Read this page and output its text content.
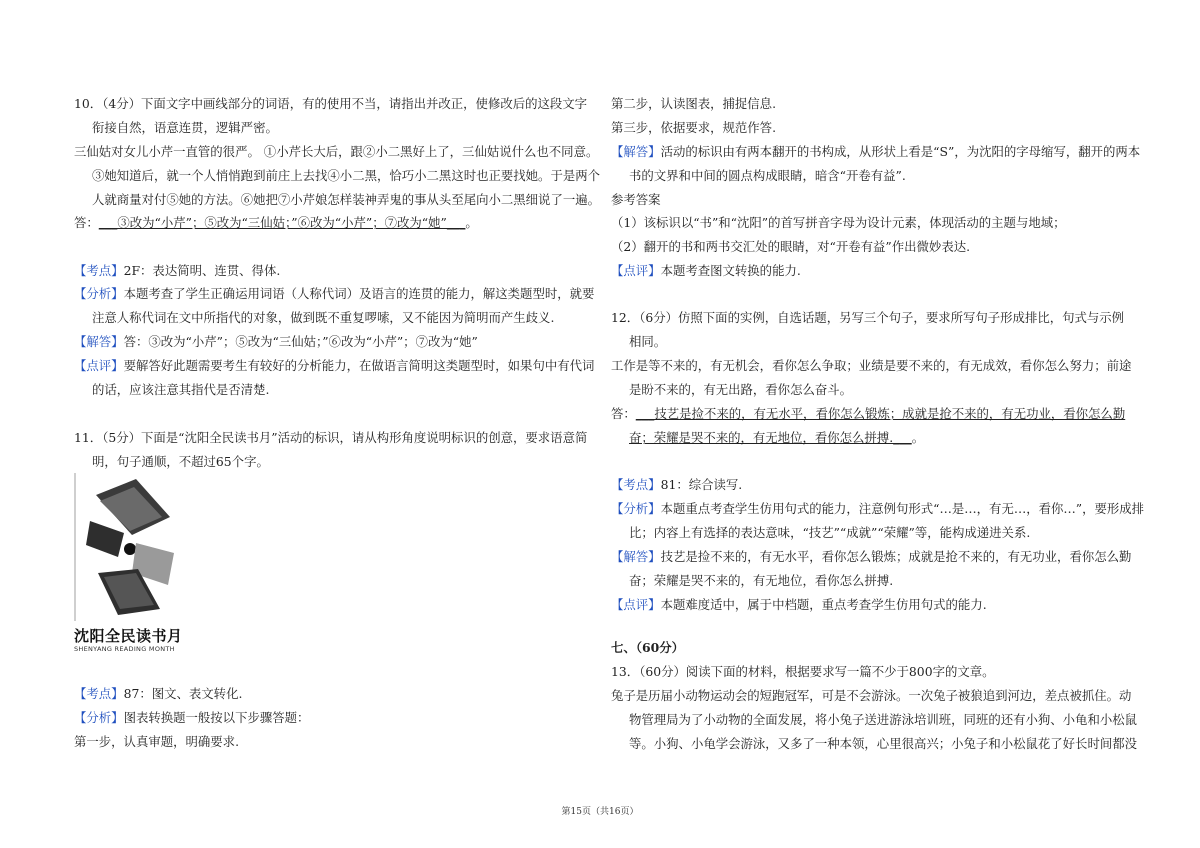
10．（4分）下面文字中画线部分的词语，有的使用不当，请指出并改正，使修改后的这段文字
衔接自然，语意连贯，逻辑严密。
三仙姑对女儿小芹一直管的很严。 ①小芹长大后，跟②小二黑好上了，三仙姑说什么也不同意。
③她知道后，就一个人悄悄跑到前庄上去找④小二黑，恰巧小二黑这时也正要找她。于是两个
人就商量对付⑤她的方法。⑥她把⑦小芹娘怎样装神弄鬼的事从头至尾向小二黑细说了一遍。
答：___③改为“小芹”；⑤改为“三仙姑；”⑥改为“小芹”；⑦改为“她”___。
【考点】2F：表达简明、连贯、得体.
【分析】本题考查了学生正确运用词语（人称代词）及语言的连贯的能力，解这类题型时，就要
注意人称代词在文中所指代的对象，做到既不重复啰嗦，又不能因为简明而产生歧义.
【解答】答：③改为“小芹”；⑤改为“三仙姑；”⑥改为“小芹”；⑦改为“她”
【点评】要解答好此题需要考生有较好的分析能力，在做语言简明这类题型时，如果句中有代词
的话，应该注意其指代是否清楚.
11．（5分）下面是“沈阳全民读书月”活动的标识，请从构形角度说明标识的创意，要求语意简
明，句子通顺，不超过65个字。
沈阳全民读书月
SHENYANG READING MONTH
【考点】87：图文、表文转化.
【分析】图表转换题一般按以下步骤答题：
第一步，认真审题，明确要求.
第二步，认读图表，捕捉信息.
第三步，依据要求，规范作答.
【解答】活动的标识由有两本翻开的书构成，从形状上看是“S”，为沈阳的字母缩写，翻开的两本
书的文界和中间的圆点构成眼睛，暗含“开卷有益”.
参考答案
（1）该标识以“书”和“沈阳”的首写拼音字母为设计元素，体现活动的主题与地域；
（2）翻开的书和两书交汇处的眼睛，对“开卷有益”作出微妙表达.
【点评】本题考查图文转换的能力.
12．（6分）仿照下面的实例，自选话题，另写三个句子，要求所写句子形成排比，句式与示例
相同。
工作是等不来的，有无机会，看你怎么争取；业绩是要不来的，有无成效，看你怎么努力；前途
是盼不来的，有无出路，看你怎么奋斗。
答：___技艺是捡不来的，有无水平，看你怎么锻炼；成就是抢不来的，有无功业，看你怎么勤
奋；荣耀是哭不来的，有无地位，看你怎么拼搏.___。
【考点】81：综合读写.
【分析】本题重点考查学生仿用句式的能力，注意例句形式“…是…，有无…，看你…”，要形成排
比；内容上有选择的表达意味，“技艺”“成就”“荣耀”等，能构成递进关系.
【解答】技艺是捡不来的，有无水平，看你怎么锻炼；成就是抢不来的，有无功业，看你怎么勤
奋；荣耀是哭不来的，有无地位，看你怎么拼搏.
【点评】本题难度适中，属于中档题，重点考查学生仿用句式的能力.
七、（60分）
13．（60分）阅读下面的材料，根据要求写一篇不少于800字的文章。
兔子是历届小动物运动会的短跑冠军，可是不会游泳。一次兔子被狼追到河边，差点被抓住。动
物管理局为了小动物的全面发展，将小兔子送进游泳培训班，同班的还有小狗、小龟和小松鼠
等。小狗、小龟学会游泳，又多了一种本领，心里很高兴；小兔子和小松鼠花了好长时间都没
第15页（共16页）
